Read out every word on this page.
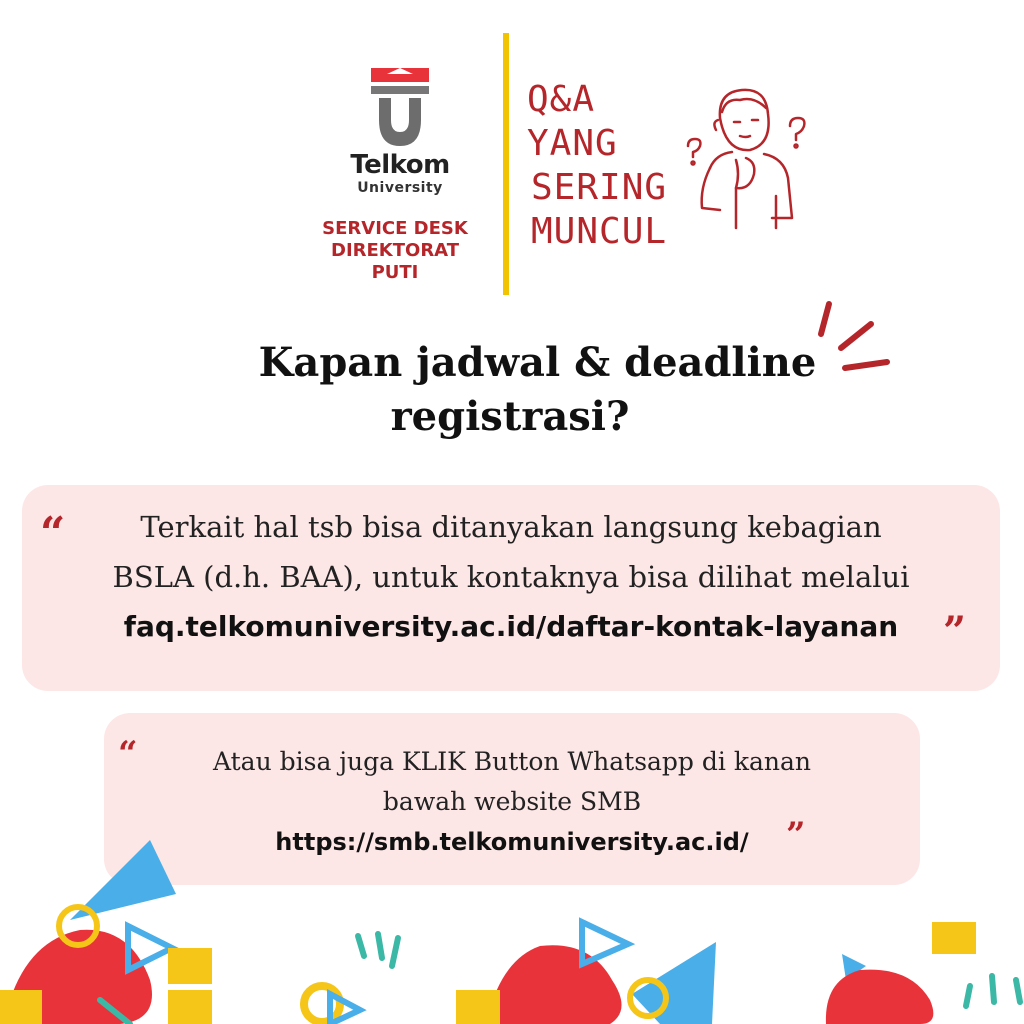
Telkom
University
SERVICE DESK
DIREKTORAT
PUTI
Q&A
YANG
SERING
MUNCUL
Kapan jadwal & deadline
registrasi?
“	Terkait hal tsb bisa ditanyakan langsung kebagian
BSLA (d.h. BAA), untuk kontaknya bisa dilihat melalui
faq.telkomuniversity.ac.id/daftar-kontak-layanan	”
“	Atau bisa juga KLIK Button Whatsapp di kanan
bawah website SMB
https://smb.telkomuniversity.ac.id/	”
